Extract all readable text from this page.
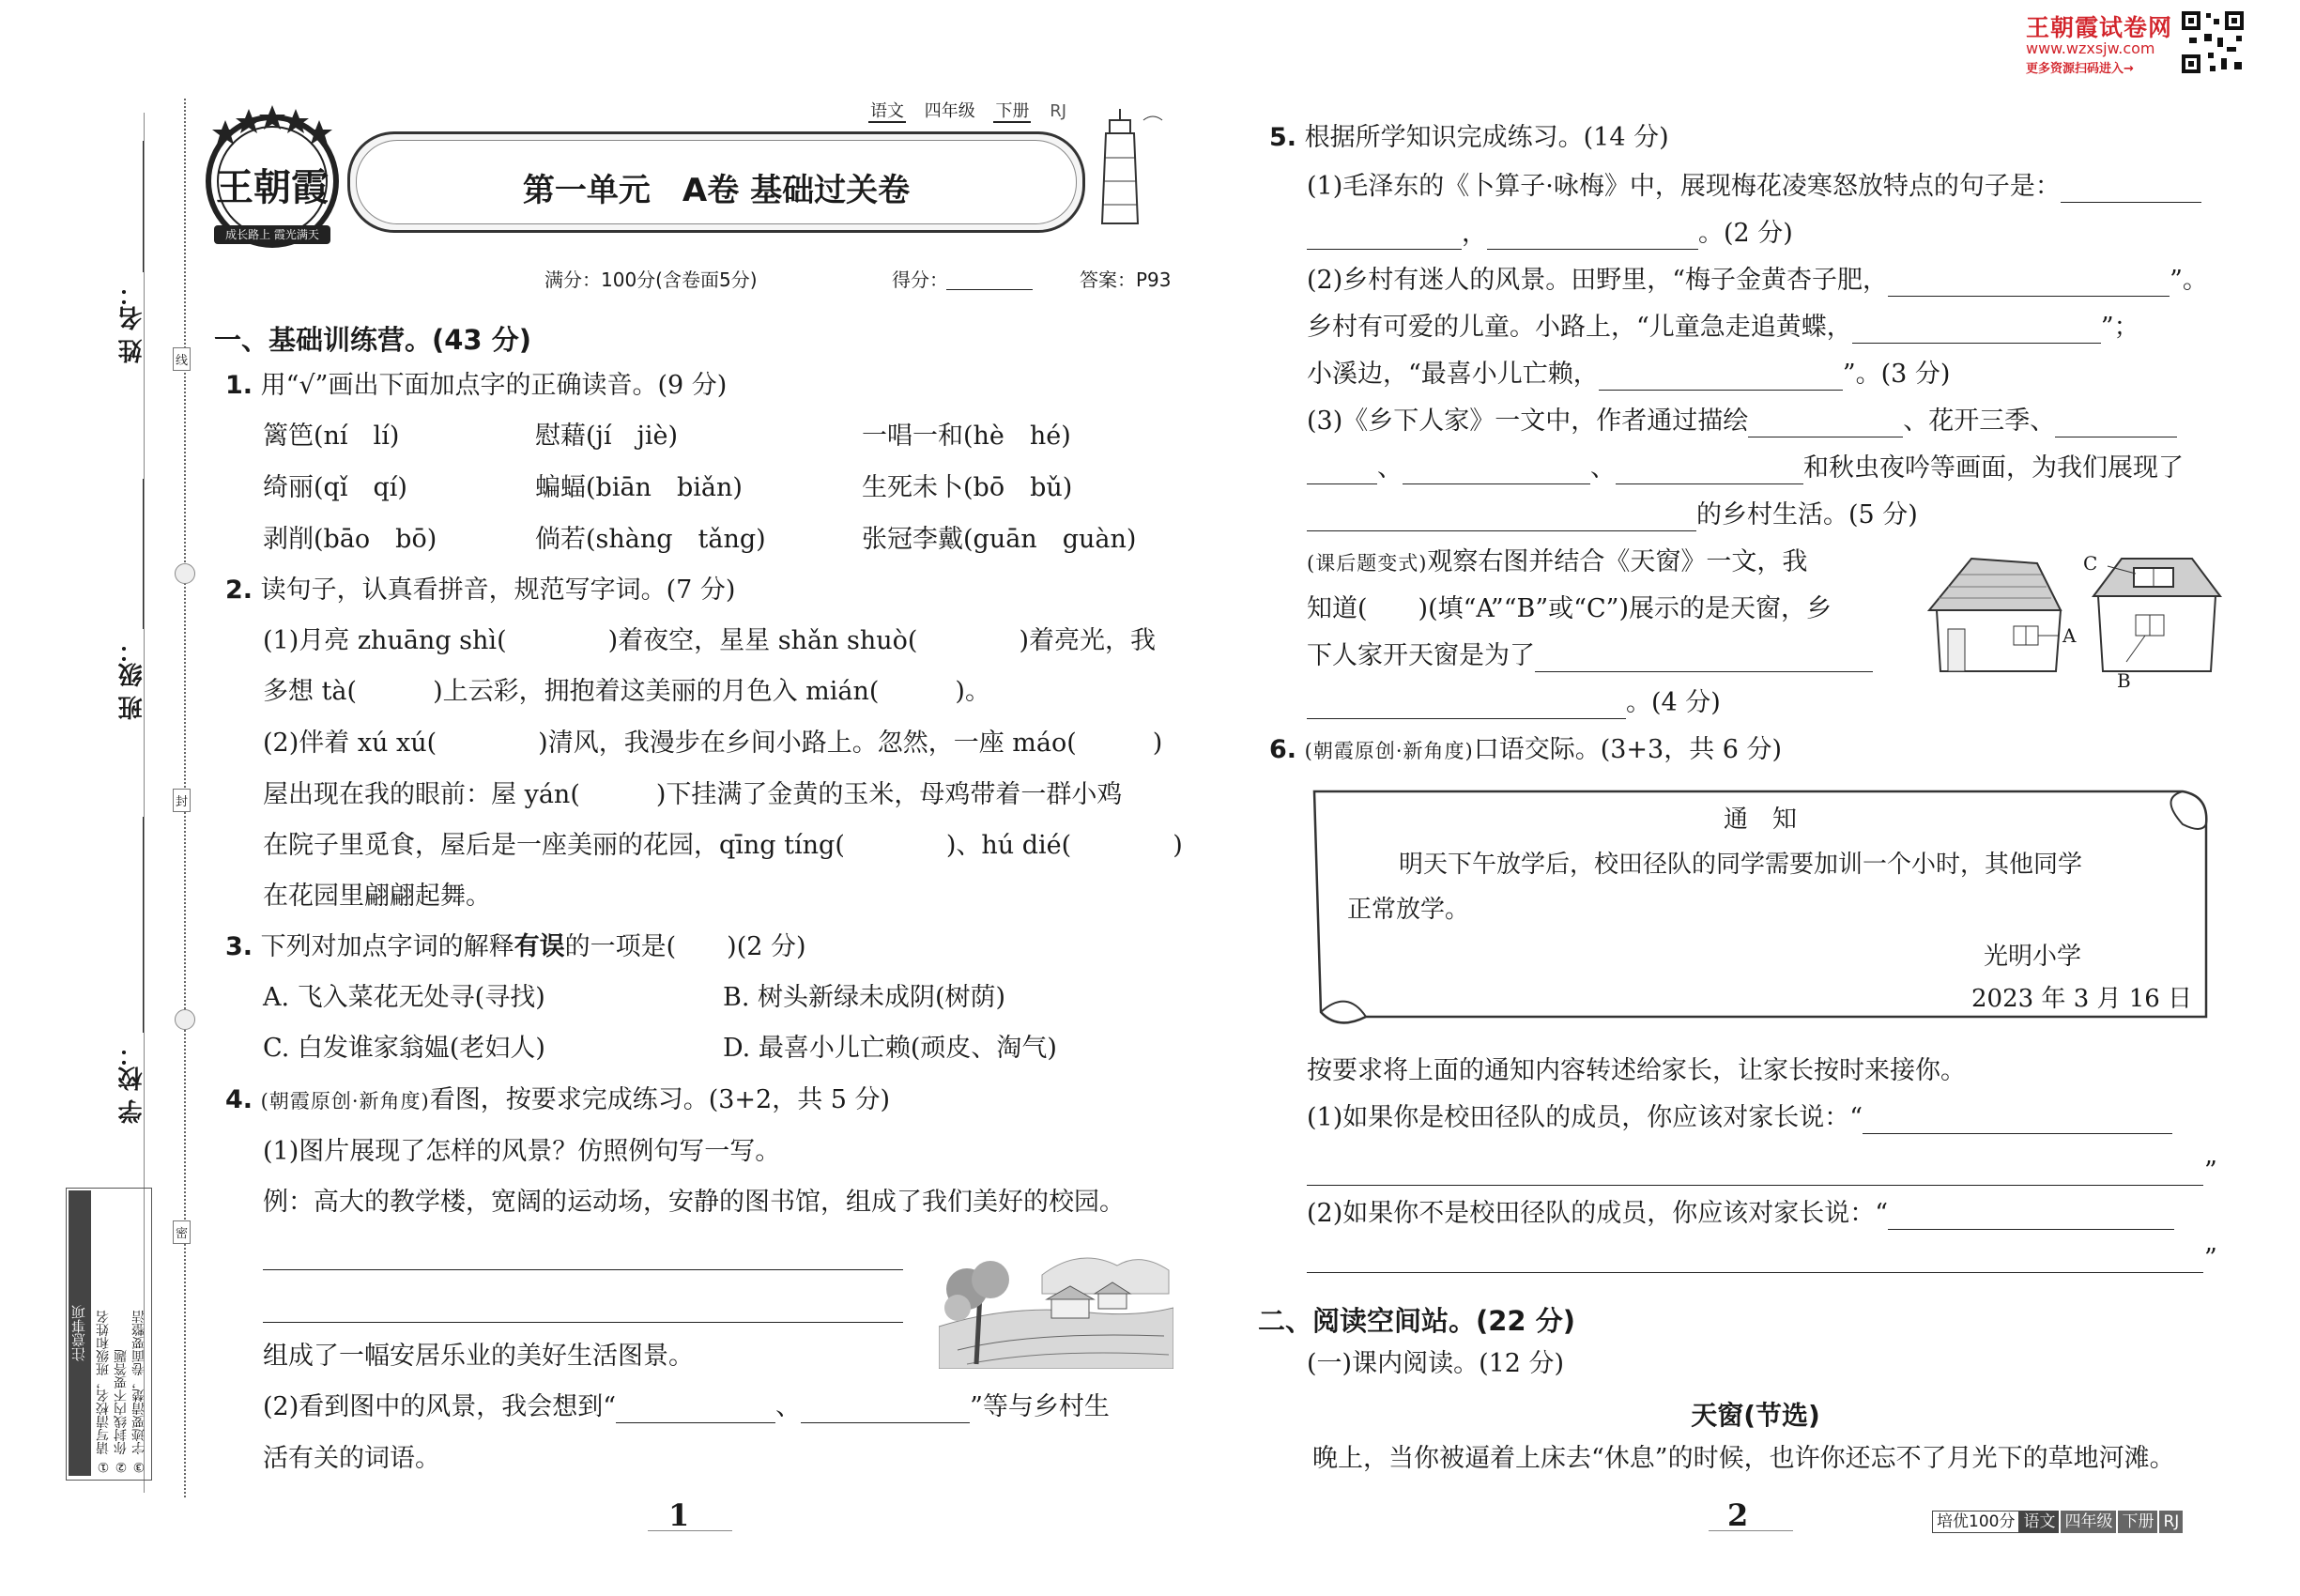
姓 名：
班 级：
学 校：
线
封
密
注意事项 ① 请写清校名，班级和姓名 ② 你封线内不要答题 ③ 字迹要清楚，卷面要整洁
王朝霞
成长路上 霞光满天
语文 四年级 下册 RJ
第一单元　A卷 基础过关卷
满分：100分(含卷面5分)	得分：	答案：P93
一、基础训练营。(43 分)
1. 用“√”画出下面加点字的正确读音。(9 分)
篱笆(ní　lí)	慰藉(jí　jiè)	一唱一和(hè　hé)
绮丽(qǐ　qí)	蝙蝠(biān　biǎn)	生死未卜(bō　bǔ)
剥削(bāo　bō)	倘若(shàng　tǎng)	张冠李戴(guān　guàn)
2. 读句子，认真看拼音，规范写字词。(7 分)
(1)月亮 zhuāng shì(　　　　)着夜空，星星 shǎn shuò(　　　　)着亮光，我
多想 tà(　　　)上云彩，拥抱着这美丽的月色入 mián(　　　)。
(2)伴着 xú xú(　　　　)清风，我漫步在乡间小路上。忽然，一座 máo(　　　)
屋出现在我的眼前：屋 yán(　　　)下挂满了金黄的玉米，母鸡带着一群小鸡
在院子里觅食，屋后是一座美丽的花园，qīng tíng(　　　　)、hú dié(　　　　)
在花园里翩翩起舞。
3. 下列对加点字词的解释有误的一项是(　　)(2 分)
A. 飞入菜花无处寻(寻找)	B. 树头新绿未成阴(树荫)
C. 白发谁家翁媪(老妇人)	D. 最喜小儿亡赖(顽皮、淘气)
4. (朝霞原创·新角度)看图，按要求完成练习。(3+2，共 5 分)
(1)图片展现了怎样的风景？仿照例句写一写。
例：高大的教学楼，宽阔的运动场，安静的图书馆，组成了我们美好的校园。
组成了一幅安居乐业的美好生活图景。
(2)看到图中的风景，我会想到“	、	”等与乡村生
活有关的词语。
1
王朝霞试卷网
www.wzxsjw.com
更多资源扫码进入→
5. 根据所学知识完成练习。(14 分)
(1)毛泽东的《卜算子·咏梅》中，展现梅花凌寒怒放特点的句子是：
，	。(2 分)
(2)乡村有迷人的风景。田野里，“梅子金黄杏子肥，	”。
乡村有可爱的儿童。小路上，“儿童急走追黄蝶，	”；
小溪边，“最喜小儿亡赖，	”。(3 分)
(3)《乡下人家》一文中，作者通过描绘	、花开三季、
、	、	和秋虫夜吟等画面，为我们展现了
的乡村生活。(5 分)
(课后题变式)观察右图并结合《天窗》一文，我
知道(　　)(填“A”“B”或“C”)展示的是天窗，乡
下人家开天窗是为了
。(4 分)
A
B
C
6. (朝霞原创·新角度)口语交际。(3+3，共 6 分)
通　知
明天下午放学后，校田径队的同学需要加训一个小时，其他同学
正常放学。
光明小学
2023 年 3 月 16 日
按要求将上面的通知内容转述给家长，让家长按时来接你。
(1)如果你是校田径队的成员，你应该对家长说：“
”
(2)如果你不是校田径队的成员，你应该对家长说：“
”
二、阅读空间站。(22 分)
(一)课内阅读。(12 分)
天窗(节选)
晚上，当你被逼着上床去“休息”的时候，也许你还忘不了月光下的草地河滩。
2	培优100分 语文 四年级 下册 RJ
